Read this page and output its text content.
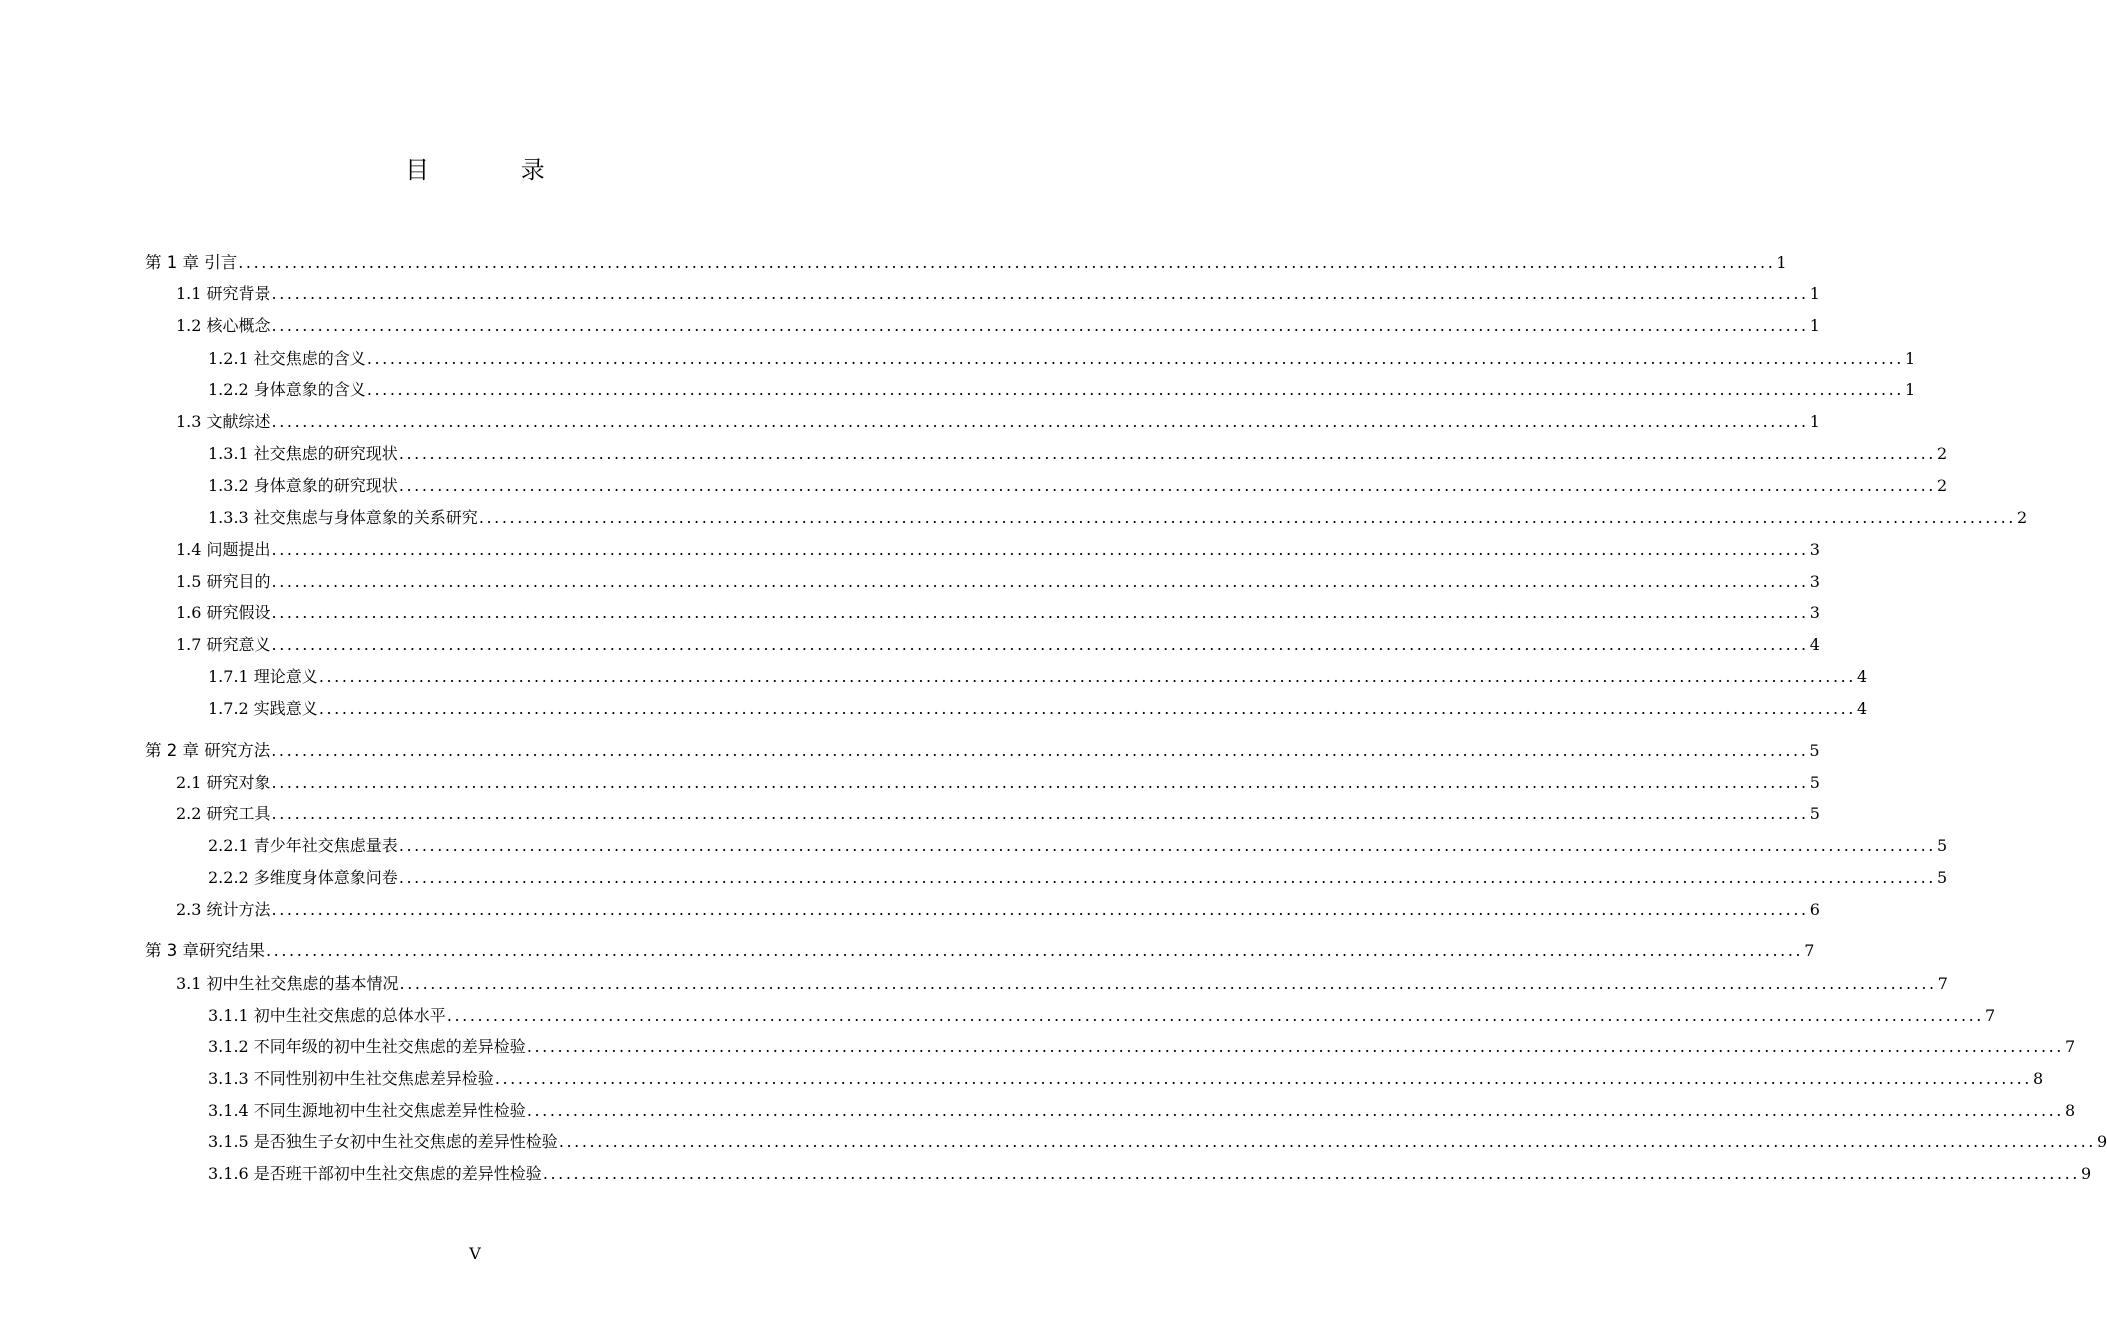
目 录
第 1 章 引言 ........................................................................................................................................................................................................ 1
1.1 研究背景 ........................................................................................................................................................................................................ 1
1.2 核心概念 ........................................................................................................................................................................................................ 1
1.2.1 社交焦虑的含义 ........................................................................................................................................................................................................ 1
1.2.2 身体意象的含义 ........................................................................................................................................................................................................ 1
1.3 文献综述 ........................................................................................................................................................................................................ 1
1.3.1 社交焦虑的研究现状 ........................................................................................................................................................................................................ 2
1.3.2 身体意象的研究现状 ........................................................................................................................................................................................................ 2
1.3.3 社交焦虑与身体意象的关系研究 ........................................................................................................................................................................................................ 2
1.4 问题提出 ........................................................................................................................................................................................................ 3
1.5 研究目的 ........................................................................................................................................................................................................ 3
1.6 研究假设 ........................................................................................................................................................................................................ 3
1.7 研究意义 ........................................................................................................................................................................................................ 4
1.7.1 理论意义 ........................................................................................................................................................................................................ 4
1.7.2 实践意义 ........................................................................................................................................................................................................ 4
第 2 章 研究方法 ........................................................................................................................................................................................................ 5
2.1 研究对象 ........................................................................................................................................................................................................ 5
2.2 研究工具 ........................................................................................................................................................................................................ 5
2.2.1 青少年社交焦虑量表 ........................................................................................................................................................................................................ 5
2.2.2 多维度身体意象问卷 ........................................................................................................................................................................................................ 5
2.3 统计方法 ........................................................................................................................................................................................................ 6
第 3 章研究结果 ........................................................................................................................................................................................................ 7
3.1 初中生社交焦虑的基本情况 ........................................................................................................................................................................................................ 7
3.1.1 初中生社交焦虑的总体水平 ........................................................................................................................................................................................................ 7
3.1.2 不同年级的初中生社交焦虑的差异检验 ........................................................................................................................................................................................................ 7
3.1.3 不同性别初中生社交焦虑差异检验 ........................................................................................................................................................................................................ 8
3.1.4 不同生源地初中生社交焦虑差异性检验 ........................................................................................................................................................................................................ 8
3.1.5 是否独生子女初中生社交焦虑的差异性检验 ........................................................................................................................................................................................................ 9
3.1.6 是否班干部初中生社交焦虑的差异性检验 ........................................................................................................................................................................................................ 9
V
